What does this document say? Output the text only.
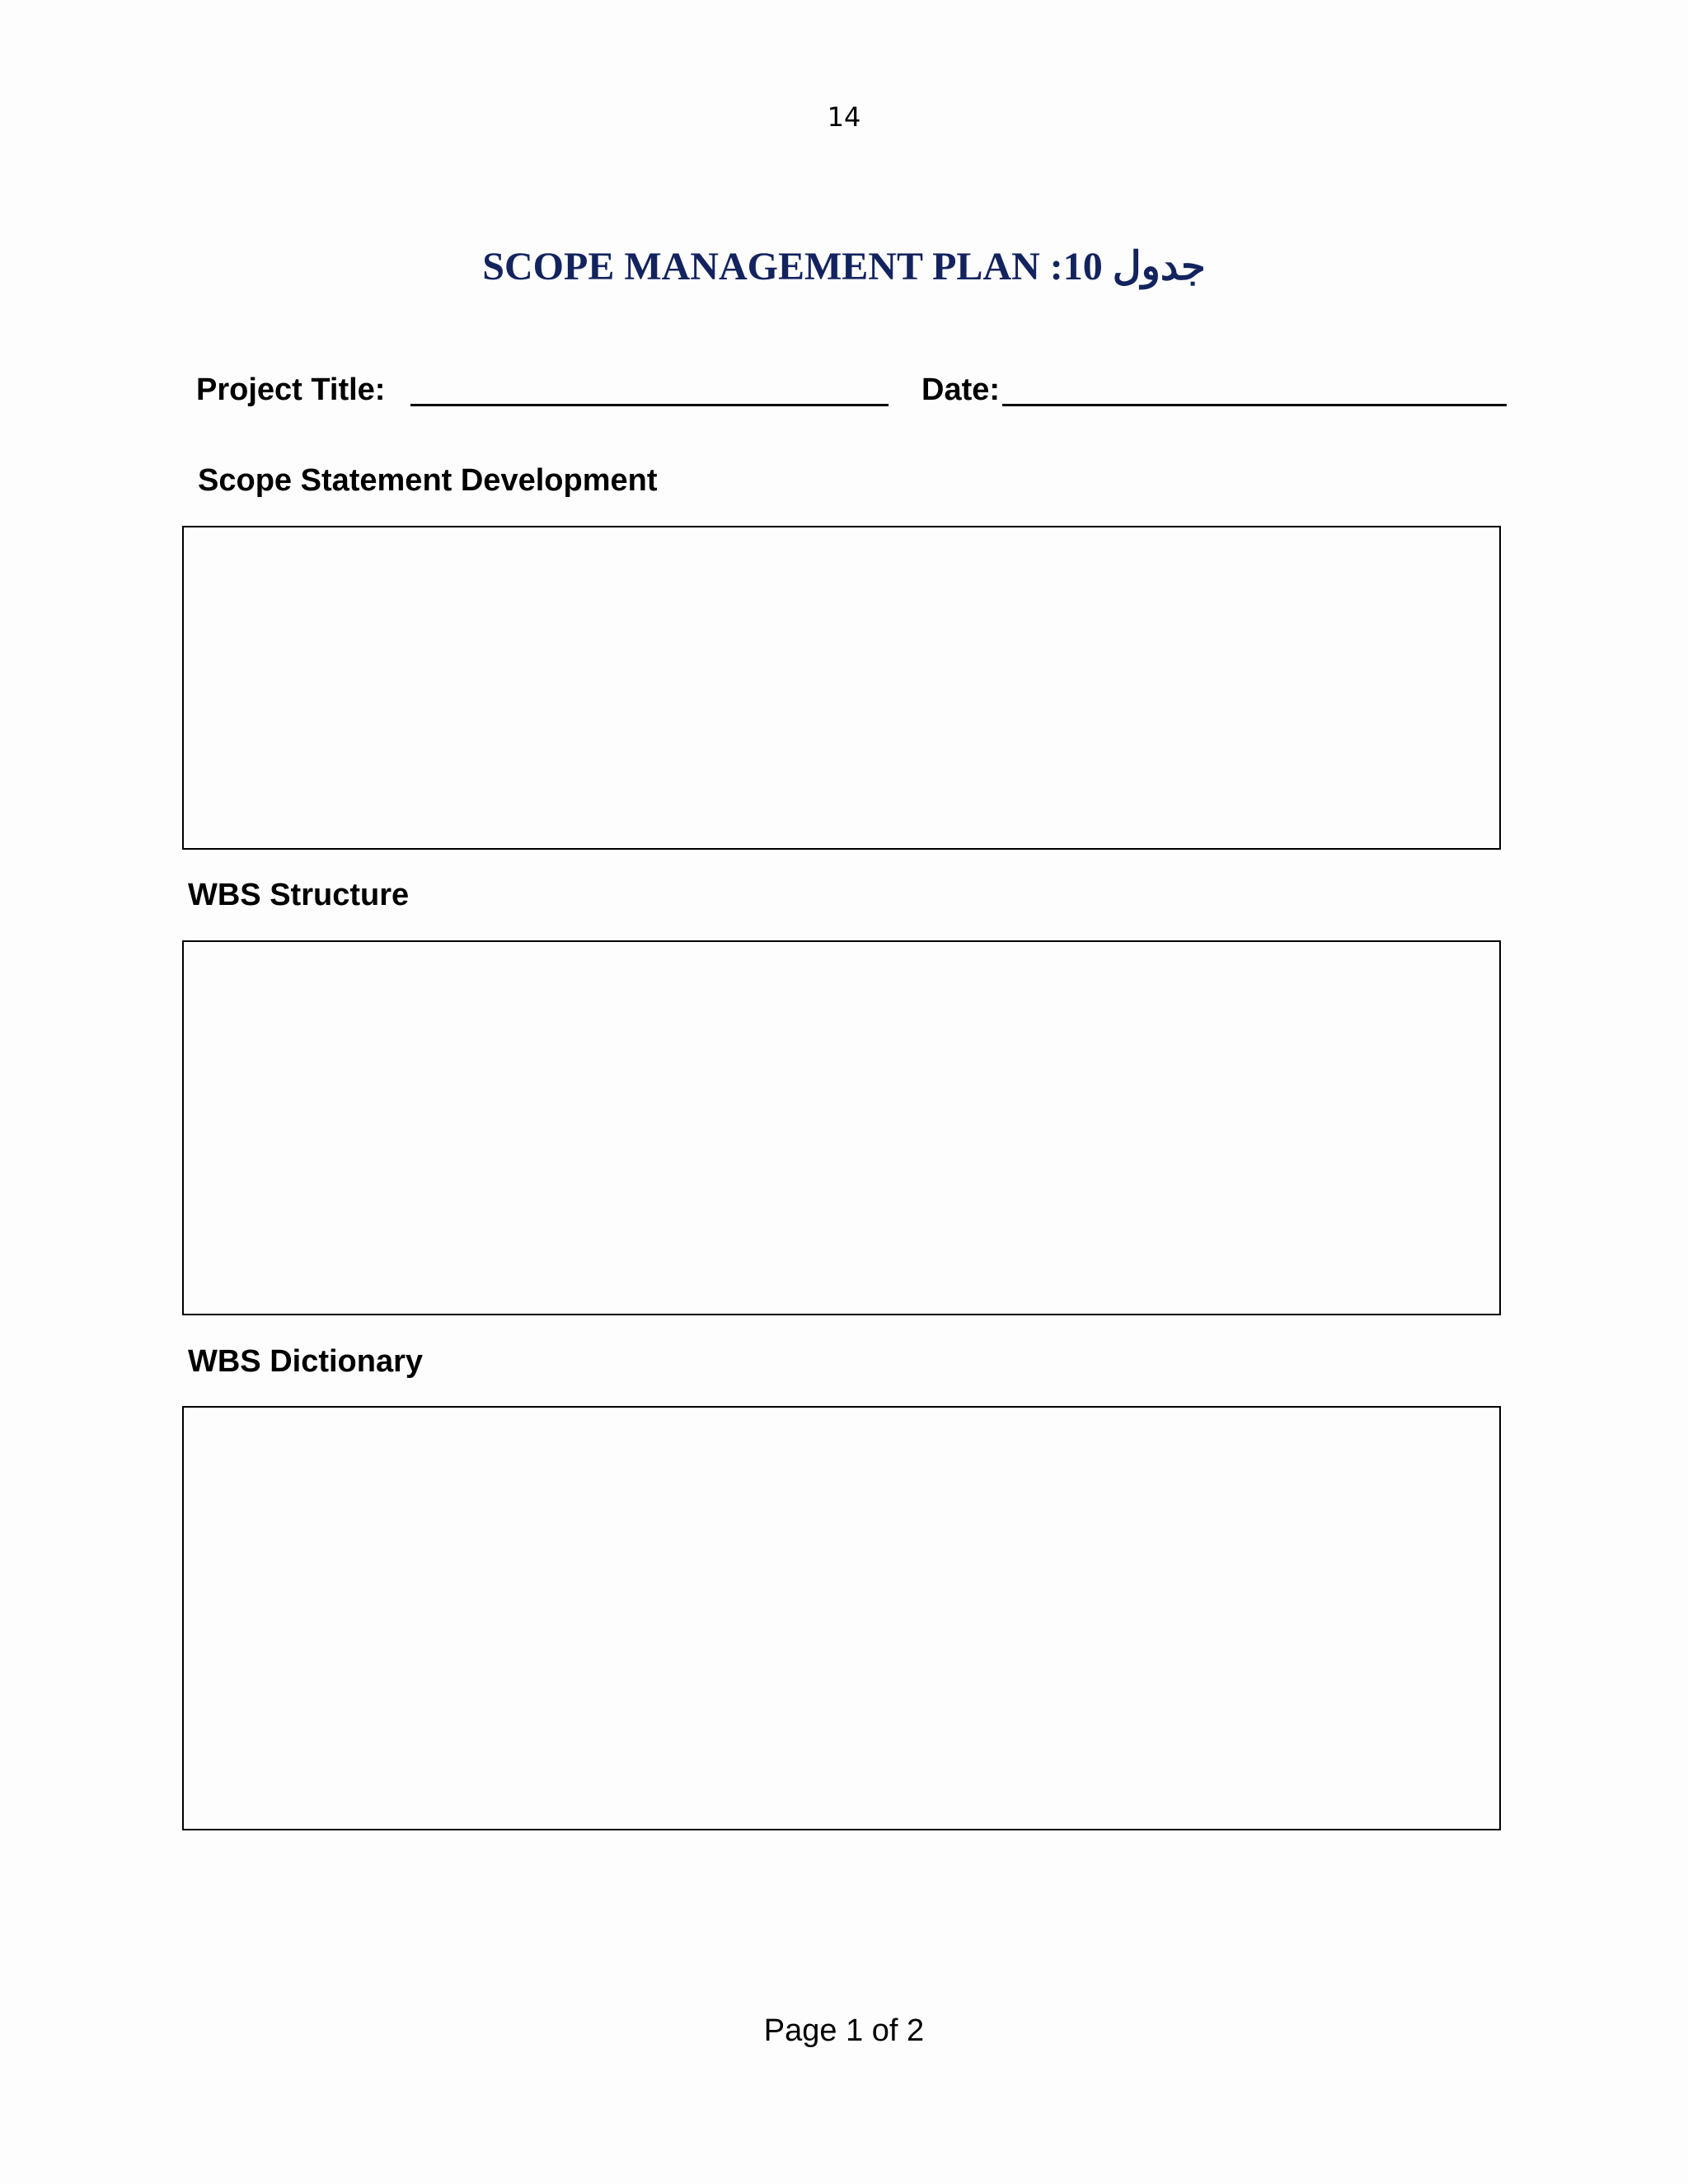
14
جدول 10: SCOPE MANAGEMENT PLAN
Project Title:	Date:
Scope Statement Development
WBS Structure
WBS Dictionary
Page 1 of 2
